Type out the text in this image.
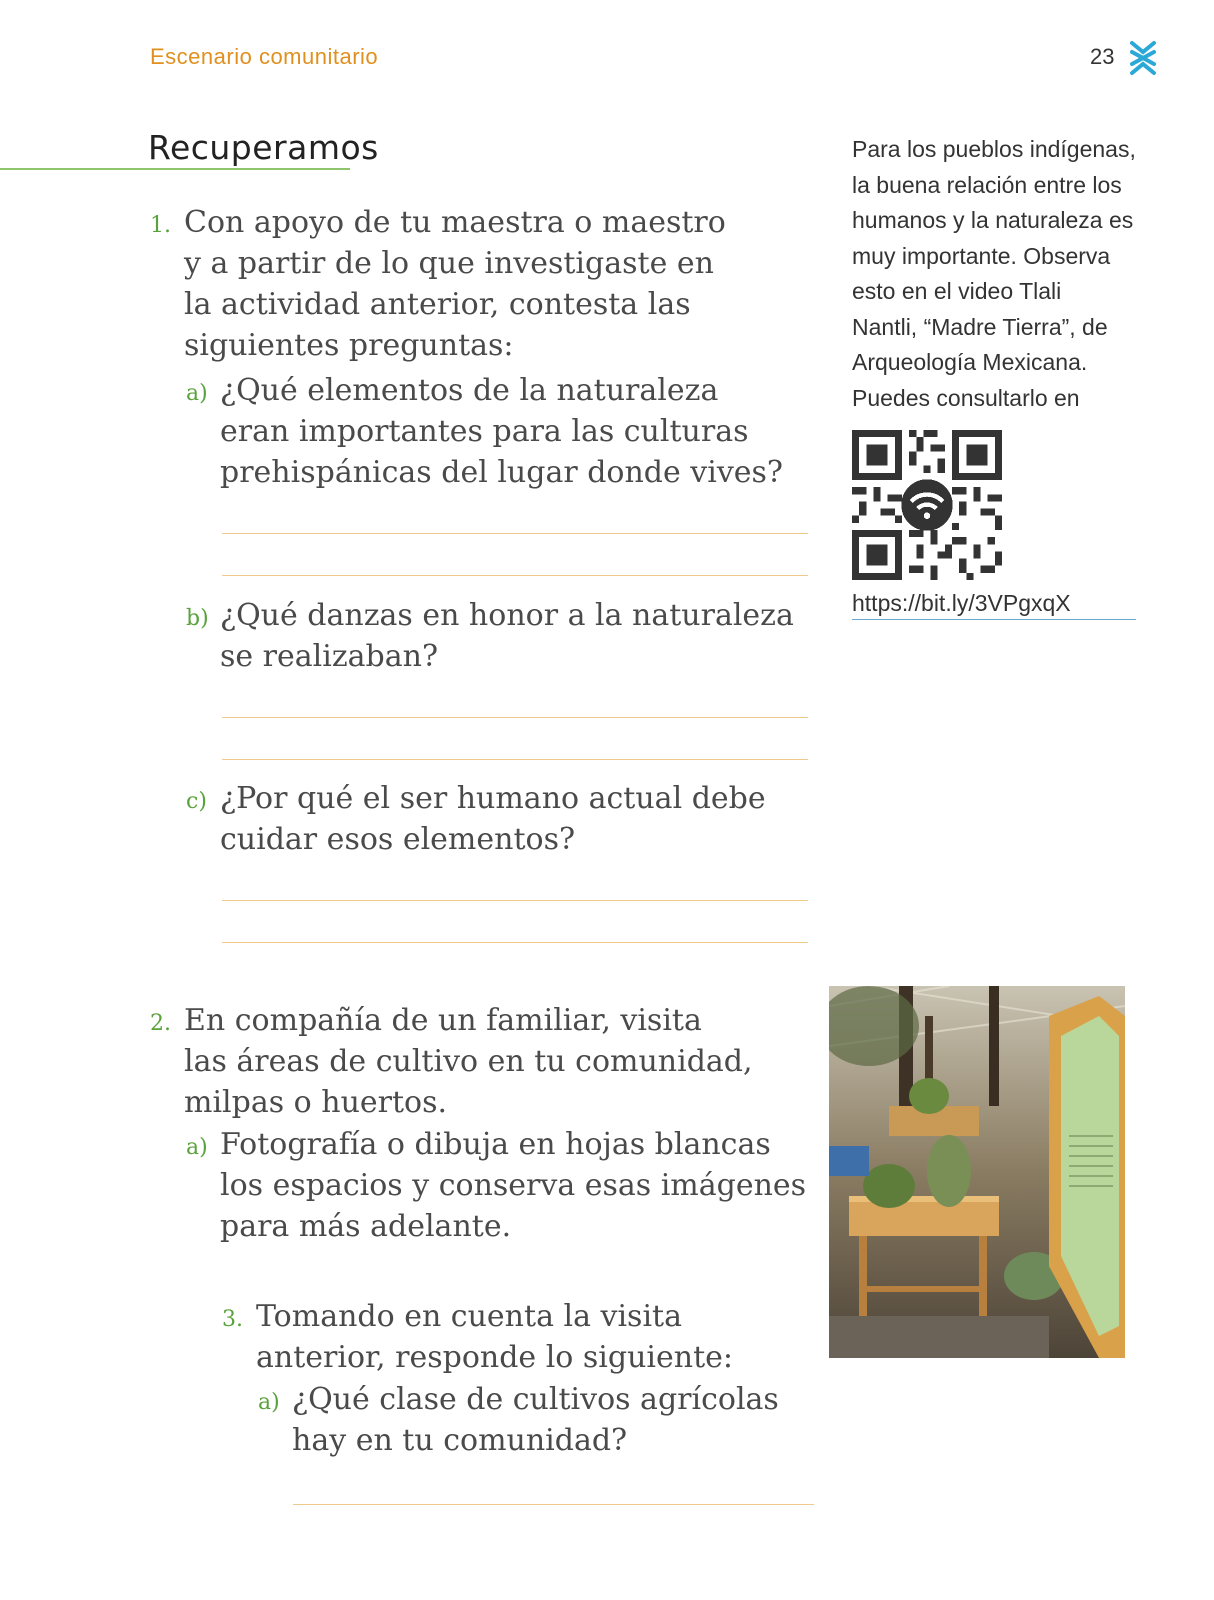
Escenario comunitario	23
Recuperamos
1. Con apoyo de tu maestra o maestro
y a partir de lo que investigaste en
la actividad anterior, contesta las
siguientes preguntas:
a) ¿Qué elementos de la naturaleza
eran importantes para las culturas
prehispánicas del lugar donde vives?
b) ¿Qué danzas en honor a la naturaleza
se realizaban?
c) ¿Por qué el ser humano actual debe
cuidar esos elementos?
2. En compañía de un familiar, visita
las áreas de cultivo en tu comunidad,
milpas o huertos.
a) Fotografía o dibuja en hojas blancas
los espacios y conserva esas imágenes
para más adelante.
3. Tomando en cuenta la visita
anterior, responde lo siguiente:
a) ¿Qué clase de cultivos agrícolas
hay en tu comunidad?
Para los pueblos indígenas,
la buena relación entre los
humanos y la naturaleza es
muy importante. Observa
esto en el video Tlali
Nantli, “Madre Tierra”, de
Arqueología Mexicana.
Puedes consultarlo en
https://bit.ly/3VPgxqX
